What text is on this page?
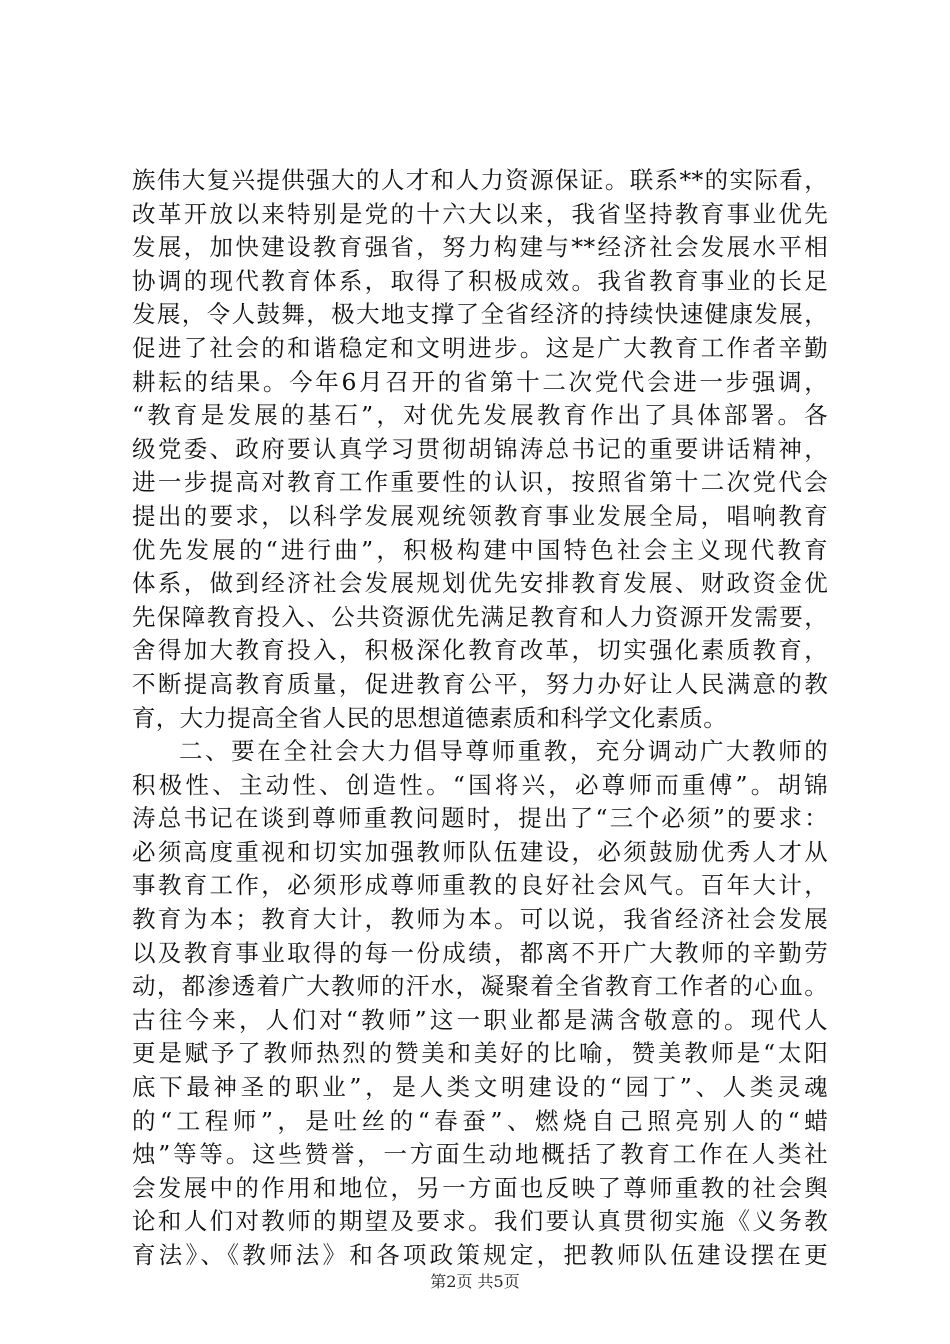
族伟大复兴提供强大的人才和人力资源保证。联系**的实际看，
改革开放以来特别是党的十六大以来，我省坚持教育事业优先
发展，加快建设教育强省，努力构建与**经济社会发展水平相
协调的现代教育体系，取得了积极成效。我省教育事业的长足
发展，令人鼓舞，极大地支撑了全省经济的持续快速健康发展，
促进了社会的和谐稳定和文明进步。这是广大教育工作者辛勤
耕耘的结果。今年6月召开的省第十二次党代会进一步强调，
“教育是发展的基石”，对优先发展教育作出了具体部署。各
级党委、政府要认真学习贯彻胡锦涛总书记的重要讲话精神，
进一步提高对教育工作重要性的认识，按照省第十二次党代会
提出的要求，以科学发展观统领教育事业发展全局，唱响教育
优先发展的“进行曲”，积极构建中国特色社会主义现代教育
体系，做到经济社会发展规划优先安排教育发展、财政资金优
先保障教育投入、公共资源优先满足教育和人力资源开发需要，
舍得加大教育投入，积极深化教育改革，切实强化素质教育，
不断提高教育质量，促进教育公平，努力办好让人民满意的教
育，大力提高全省人民的思想道德素质和科学文化素质。
二、要在全社会大力倡导尊师重教，充分调动广大教师的
积极性、主动性、创造性。“国将兴，必尊师而重傅”。胡锦
涛总书记在谈到尊师重教问题时，提出了“三个必须”的要求：
必须高度重视和切实加强教师队伍建设，必须鼓励优秀人才从
事教育工作，必须形成尊师重教的良好社会风气。百年大计，
教育为本；教育大计，教师为本。可以说，我省经济社会发展
以及教育事业取得的每一份成绩，都离不开广大教师的辛勤劳
动，都渗透着广大教师的汗水，凝聚着全省教育工作者的心血。
古往今来，人们对“教师”这一职业都是满含敬意的。现代人
更是赋予了教师热烈的赞美和美好的比喻，赞美教师是“太阳
底下最神圣的职业”，是人类文明建设的“园丁”、人类灵魂
的“工程师”，是吐丝的“春蚕”、燃烧自己照亮别人的“蜡
烛”等等。这些赞誉，一方面生动地概括了教育工作在人类社
会发展中的作用和地位，另一方面也反映了尊师重教的社会舆
论和人们对教师的期望及要求。我们要认真贯彻实施《义务教
育法》、《教师法》和各项政策规定，把教师队伍建设摆在更
第2页 共5页
